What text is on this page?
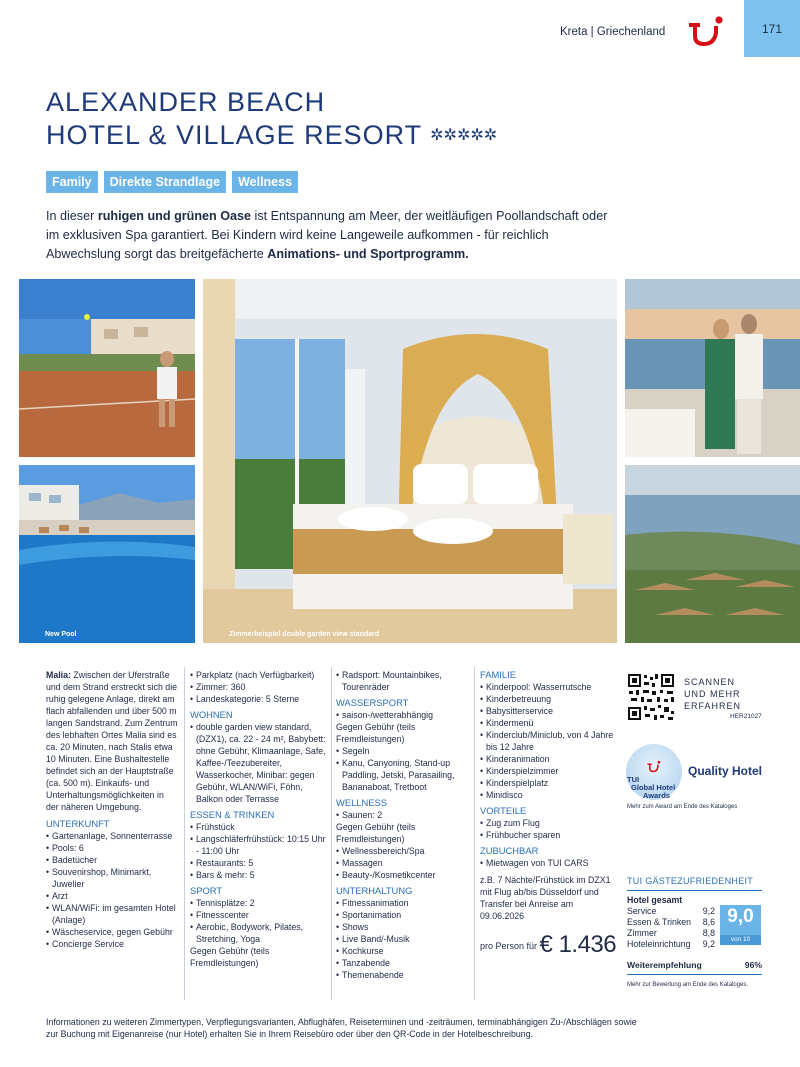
Kreta | Griechenland	171
ALEXANDER BEACH
HOTEL & VILLAGE RESORT ✲✲✲✲✲
Family	Direkte Strandlage	Wellness

In dieser ruhigen und grünen Oase ist Entspannung am Meer, der weitläufigen Poollandschaft oder im exklusiven Spa garantiert. Bei Kindern wird keine Langeweile aufkommen - für reichlich Abwechslung sorgt das breitgefächerte Animations- und Sportprogramm.

New Pool	Zimmerbeispiel double garden view standard
Malia: Zwischen der Uferstraße und dem Strand erstreckt sich die ruhig gelegene Anlage, direkt am flach abfallenden und über 500 m langen Sandstrand. Zum Zentrum des lebhaften Ortes Malia sind es ca. 20 Minuten, nach Stalis etwa 10 Minuten. Eine Bushaltestelle befindet sich an der Hauptstraße (ca. 500 m). Einkaufs- und Unterhaltungsmöglichkeiten in der näheren Umgebung.
UNTERKUNFT
• Gartenanlage, Sonnenterrasse
• Pools: 6
• Badetücher
• Souvenirshop, Minimarkt, Juwelier
• Arzt
• WLAN/WiFi: im gesamten Hotel (Anlage)
• Wäscheservice, gegen Gebühr
• Concierge Service
• Parkplatz (nach Verfügbarkeit)
• Zimmer: 360
• Landeskategorie: 5 Sterne
WOHNEN
• double garden view standard, (DZX1), ca. 22 - 24 m², Babybett: ohne Gebühr, Klimaanlage, Safe, Kaffee-/Teezubereiter, Wasserkocher, Minibar: gegen Gebühr, WLAN/WiFi, Föhn, Balkon oder Terrasse
ESSEN & TRINKEN
• Frühstück
• Langschläferfrühstück: 10:15 Uhr - 11:00 Uhr
• Restaurants: 5
• Bars & mehr: 5
SPORT
• Tennisplätze: 2
• Fitnesscenter
• Aerobic, Bodywork, Pilates, Stretching, Yoga
Gegen Gebühr (teils Fremdleistungen)
• Radsport: Mountainbikes, Tourenräder
WASSERSPORT
• saison-/wetterabhängig
Gegen Gebühr (teils Fremdleistungen)
• Segeln
• Kanu, Canyoning, Stand-up Paddling, Jetski, Parasailing, Bananaboat, Tretboot
WELLNESS
• Saunen: 2
Gegen Gebühr (teils Fremdleistungen)
• Wellnessbereich/Spa
• Massagen
• Beauty-/Kosmetikcenter
UNTERHALTUNG
• Fitnessanimation
• Sportanimation
• Shows
• Live Band/-Musik
• Kochkurse
• Tanzabende
• Themenabende
FAMILIE
• Kinderpool: Wasserrutsche
• Kinderbetreuung
• Babysitterservice
• Kindermenü
• Kinderclub/Miniclub, von 4 Jahre bis 12 Jahre
• Kinderanimation
• Kinderspielzimmer
• Kinderspielplatz
• Minidisco
VORTEILE
• Zug zum Flug
• Frühbucher sparen
ZUBUCHBAR
• Mietwagen von TUI CARS
z.B. 7 Nächte/Frühstück im DZX1 mit Flug ab/bis Düsseldorf und Transfer bei Anreise am 09.06.2026
pro Person für € 1.436
SCANNEN
UND MEHR
ERFAHREN
HER21027
TUI
Global Hotel
Awards
Quality Hotel
Mehr zum Award am Ende des Kataloges
TUI GÄSTEZUFRIEDENHEIT
Hotel gesamt
Service	9,2
Essen & Trinken 8,6
Zimmer	8,8
Hoteleinrichtung 9,2
9,0
von 10
Weiterempfehlung	96%
Mehr zur Bewertung am Ende des Kataloges.
Informationen zu weiteren Zimmertypen, Verpflegungsvarianten, Abflughäfen, Reiseterminen und -zeiträumen, terminabhängigen Zu-/Abschlägen sowie zur Buchung mit Eigenanreise (nur Hotel) erhalten Sie in Ihrem Reisebüro oder über den QR-Code in der Hotelbeschreibung.
